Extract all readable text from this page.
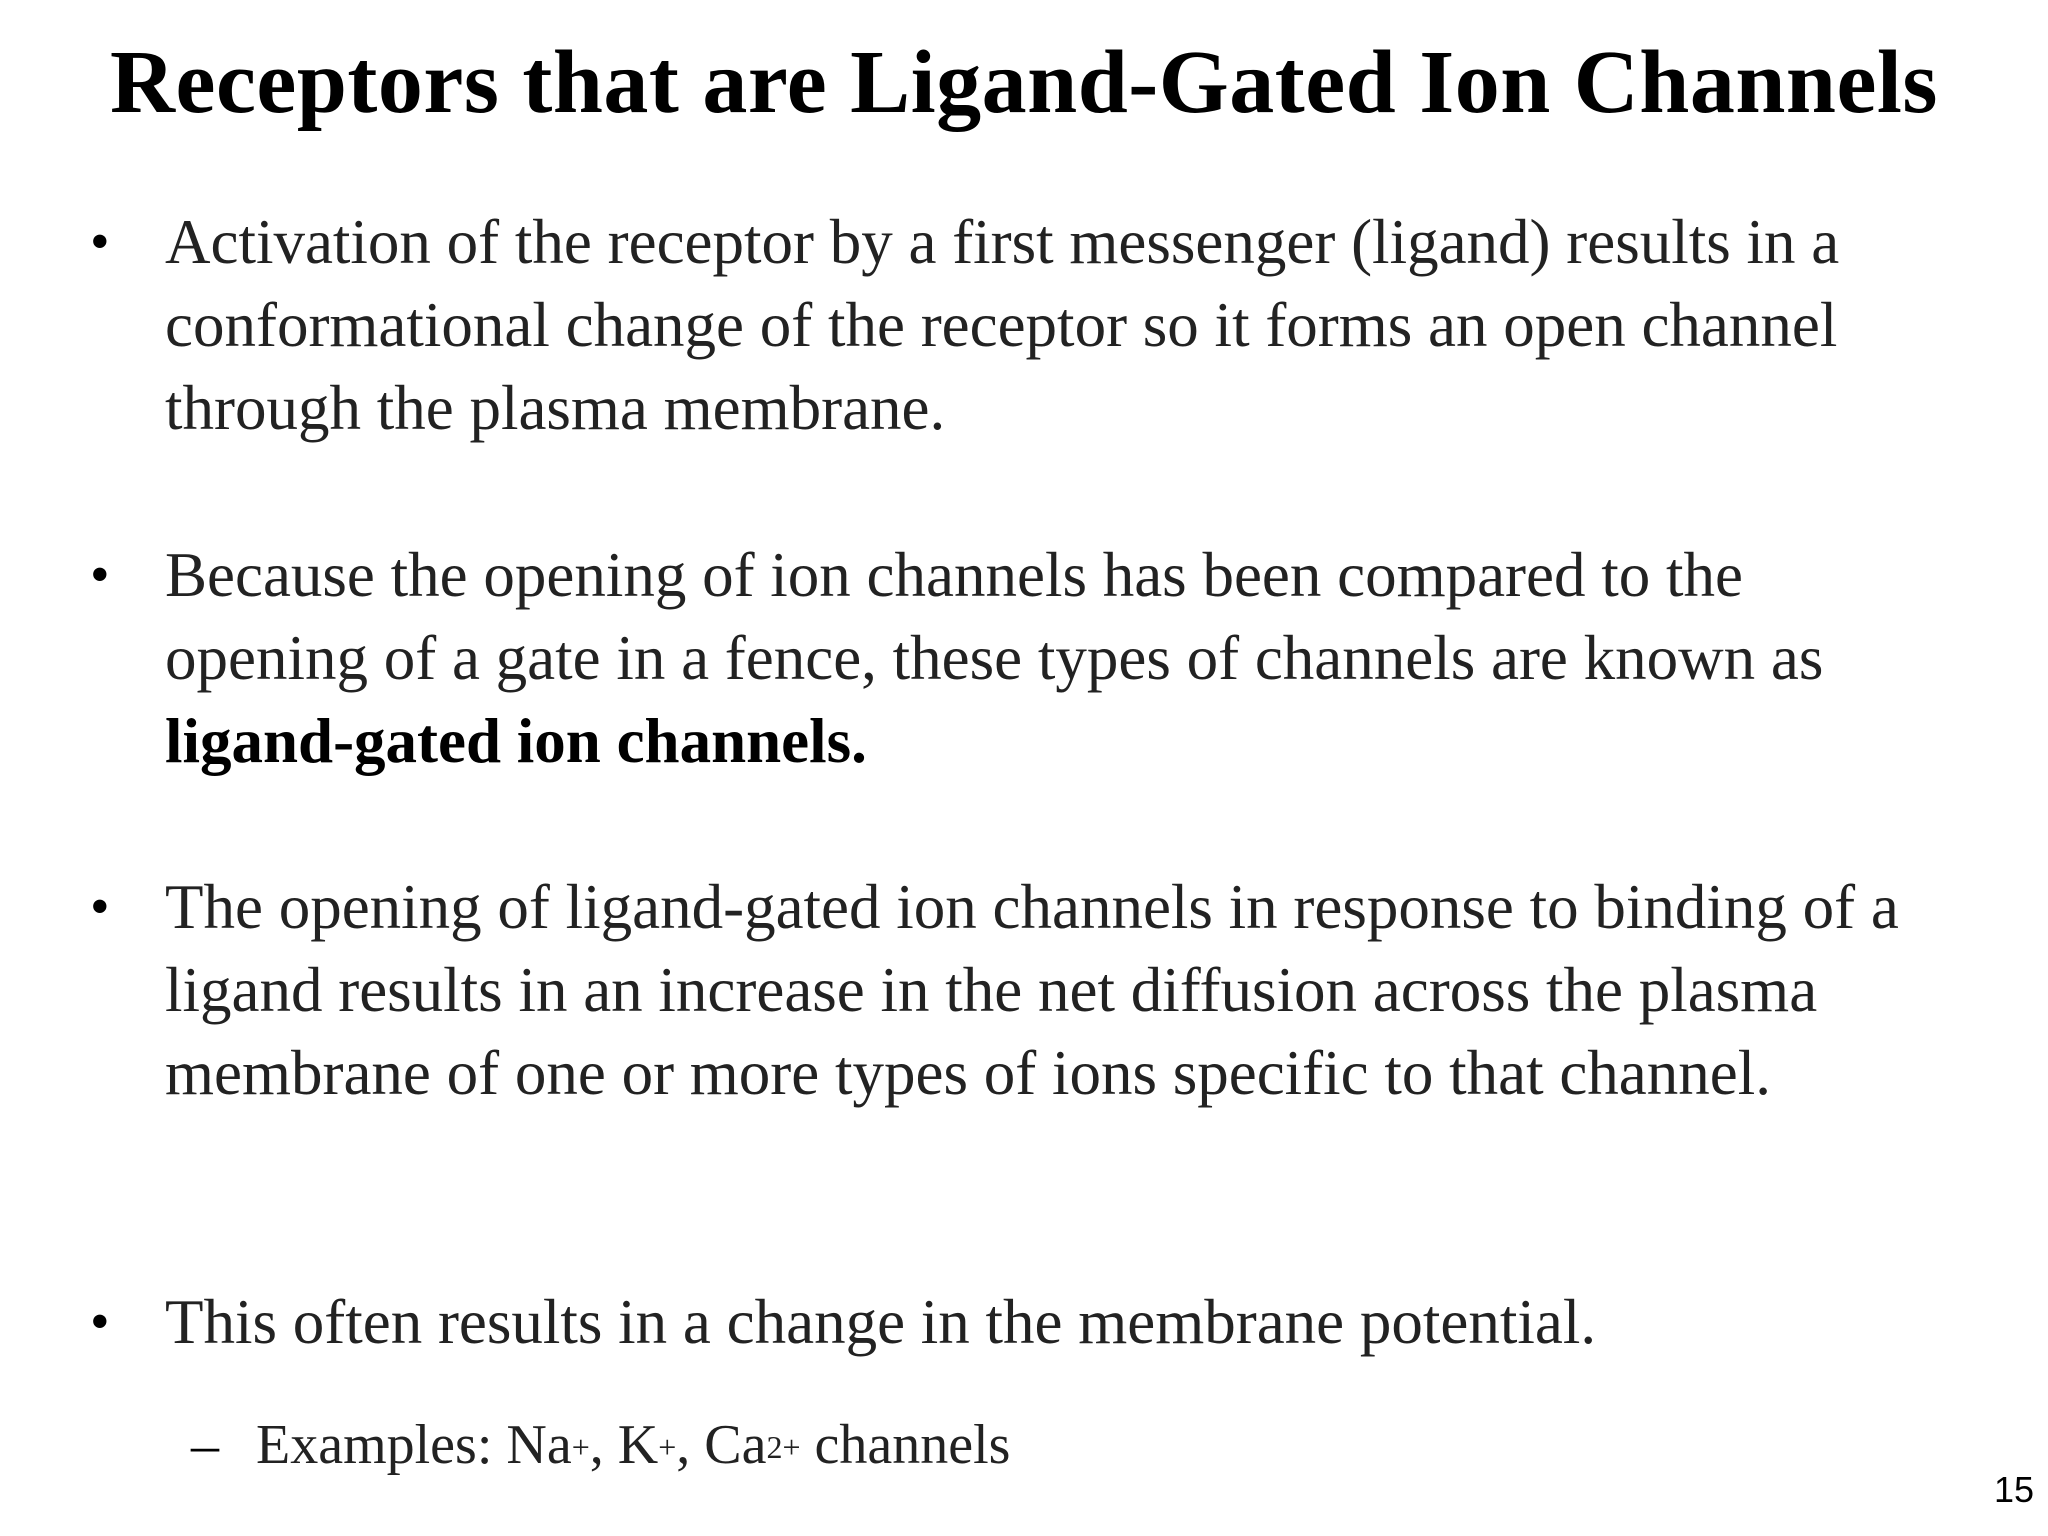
Receptors that are Ligand-Gated Ion Channels
• Activation of the receptor by a first messenger (ligand) results in a conformational change of the receptor so it forms an open channel through the plasma membrane.
• Because the opening of ion channels has been compared to the opening of a gate in a fence, these types of channels are known as ligand-gated ion channels.
• The opening of ligand-gated ion channels in response to binding of a ligand results in an increase in the net diffusion across the plasma membrane of one or more types of ions specific to that channel.
• This often results in a change in the membrane potential.
– Examples: Na+, K+, $Ca^{2+}$ channels
15
